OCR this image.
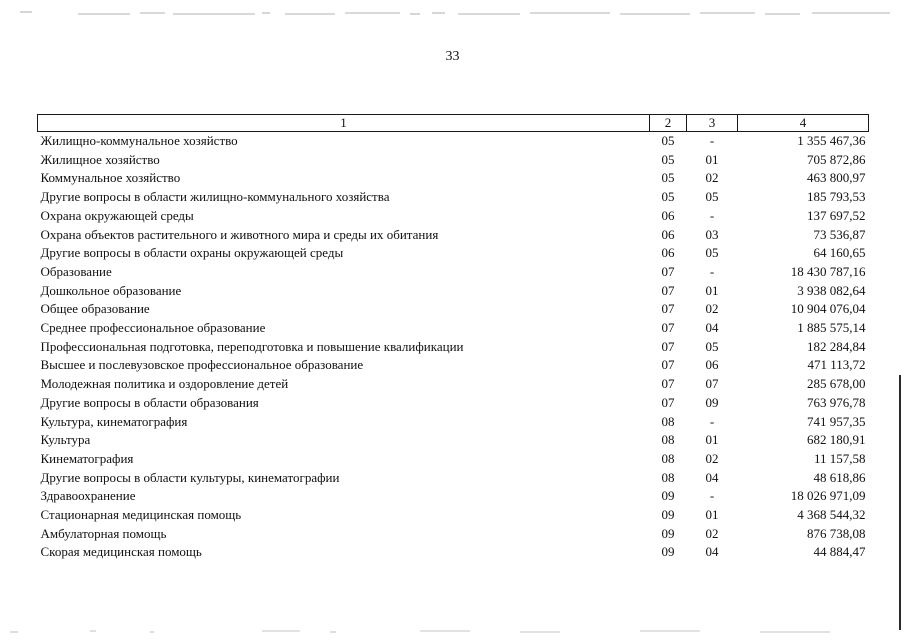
33
1	2	3	4
Жилищно-коммунальное хозяйство	05	-	1 355 467,36
Жилищное хозяйство	05	01	705 872,86
Коммунальное хозяйство	05	02	463 800,97
Другие вопросы в области жилищно-коммунального хозяйства	05	05	185 793,53
Охрана окружающей среды	06	-	137 697,52
Охрана объектов растительного и животного мира и среды их обитания	06	03	73 536,87
Другие вопросы в области охраны окружающей среды	06	05	64 160,65
Образование	07	-	18 430 787,16
Дошкольное образование	07	01	3 938 082,64
Общее образование	07	02	10 904 076,04
Среднее профессиональное образование	07	04	1 885 575,14
Профессиональная подготовка, переподготовка и повышение квалификации	07	05	182 284,84
Высшее и послевузовское профессиональное образование	07	06	471 113,72
Молодежная политика и оздоровление детей	07	07	285 678,00
Другие вопросы в области образования	07	09	763 976,78
Культура, кинематография	08	-	741 957,35
Культура	08	01	682 180,91
Кинематография	08	02	11 157,58
Другие вопросы в области культуры, кинематографии	08	04	48 618,86
Здравоохранение	09	-	18 026 971,09
Стационарная медицинская помощь	09	01	4 368 544,32
Амбулаторная помощь	09	02	876 738,08
Скорая медицинская помощь	09	04	44 884,47
